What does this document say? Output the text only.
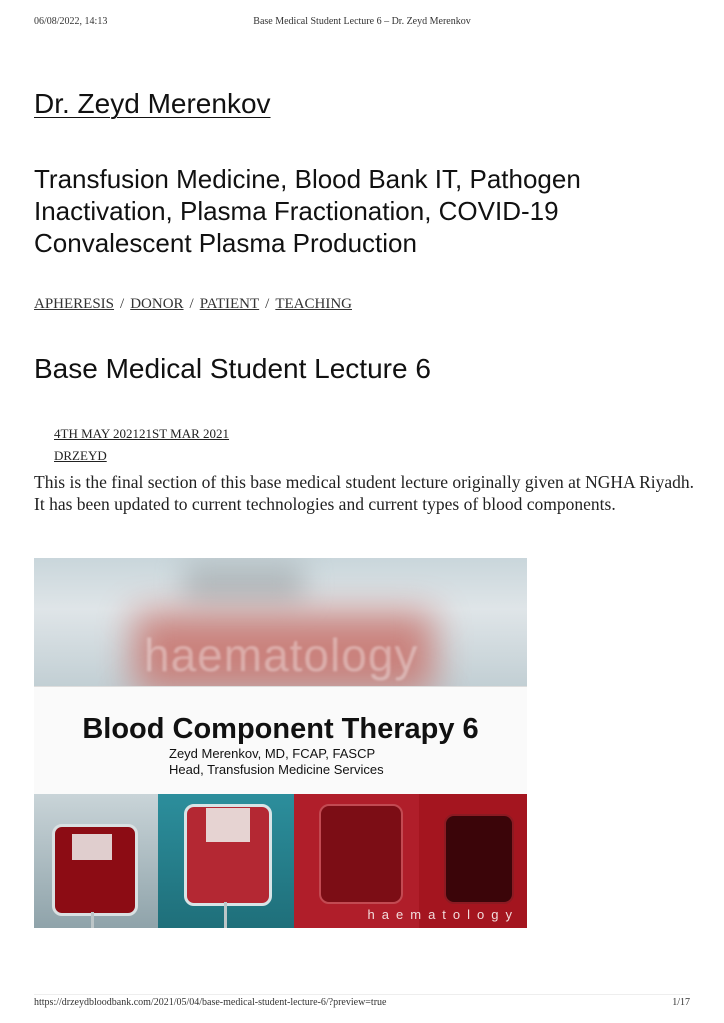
06/08/2022, 14:13	Base Medical Student Lecture 6 – Dr. Zeyd Merenkov
Dr. Zeyd Merenkov
Transfusion Medicine, Blood Bank IT, Pathogen Inactivation, Plasma Fractionation, COVID-19 Convalescent Plasma Production
APHERESIS / DONOR / PATIENT / TEACHING
Base Medical Student Lecture 6
4TH MAY 202121ST MAR 2021
DRZEYD

This is the final section of this base medical student lecture originally given at NGHA Riyadh. It has been updated to current technologies and current types of blood components.

haematology
Blood Component Therapy 6
Zeyd Merenkov, MD, FCAP, FASCP
Head, Transfusion Medicine Services
haematology
https://drzeydbloodbank.com/2021/05/04/base-medical-student-lecture-6/?preview=true	1/17
